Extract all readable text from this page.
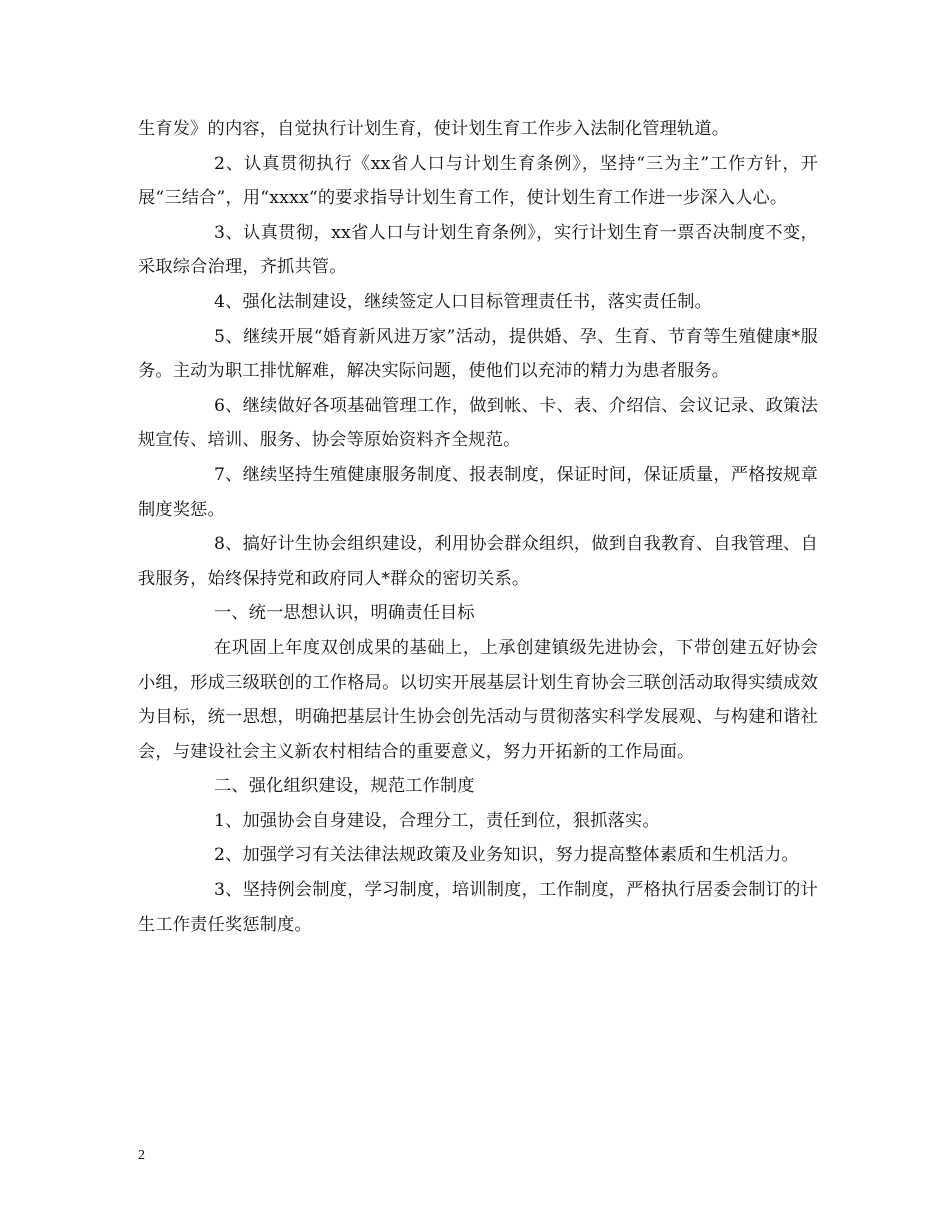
生育发》的内容，自觉执行计划生育，使计划生育工作步入法制化管理轨道。

2、认真贯彻执行《xx省人口与计划生育条例》，坚持“三为主”工作方针，开展“三结合”，用“xxxx“的要求指导计划生育工作，使计划生育工作进一步深入人心。

3、认真贯彻，xx省人口与计划生育条例》，实行计划生育一票否决制度不变，采取综合治理，齐抓共管。

4、强化法制建设，继续签定人口目标管理责任书，落实责任制。

5、继续开展“婚育新风进万家”活动，提供婚、孕、生育、节育等生殖健康*服务。主动为职工排忧解难，解决实际问题，使他们以充沛的精力为患者服务。

6、继续做好各项基础管理工作，做到帐、卡、表、介绍信、会议记录、政策法规宣传、培训、服务、协会等原始资料齐全规范。

7、继续坚持生殖健康服务制度、报表制度，保证时间，保证质量，严格按规章制度奖惩。

8、搞好计生协会组织建设，利用协会群众组织，做到自我教育、自我管理、自我服务，始终保持党和政府同人*群众的密切关系。

一、统一思想认识，明确责任目标

在巩固上年度双创成果的基础上，上承创建镇级先进协会，下带创建五好协会小组，形成三级联创的工作格局。以切实开展基层计划生育协会三联创活动取得实绩成效为目标，统一思想，明确把基层计生协会创先活动与贯彻落实科学发展观、与构建和谐社会，与建设社会主义新农村相结合的重要意义，努力开拓新的工作局面。

二、强化组织建设，规范工作制度

1、加强协会自身建设，合理分工，责任到位，狠抓落实。

2、加强学习有关法律法规政策及业务知识，努力提高整体素质和生机活力。

3、坚持例会制度，学习制度，培训制度，工作制度，严格执行居委会制订的计生工作责任奖惩制度。

2
